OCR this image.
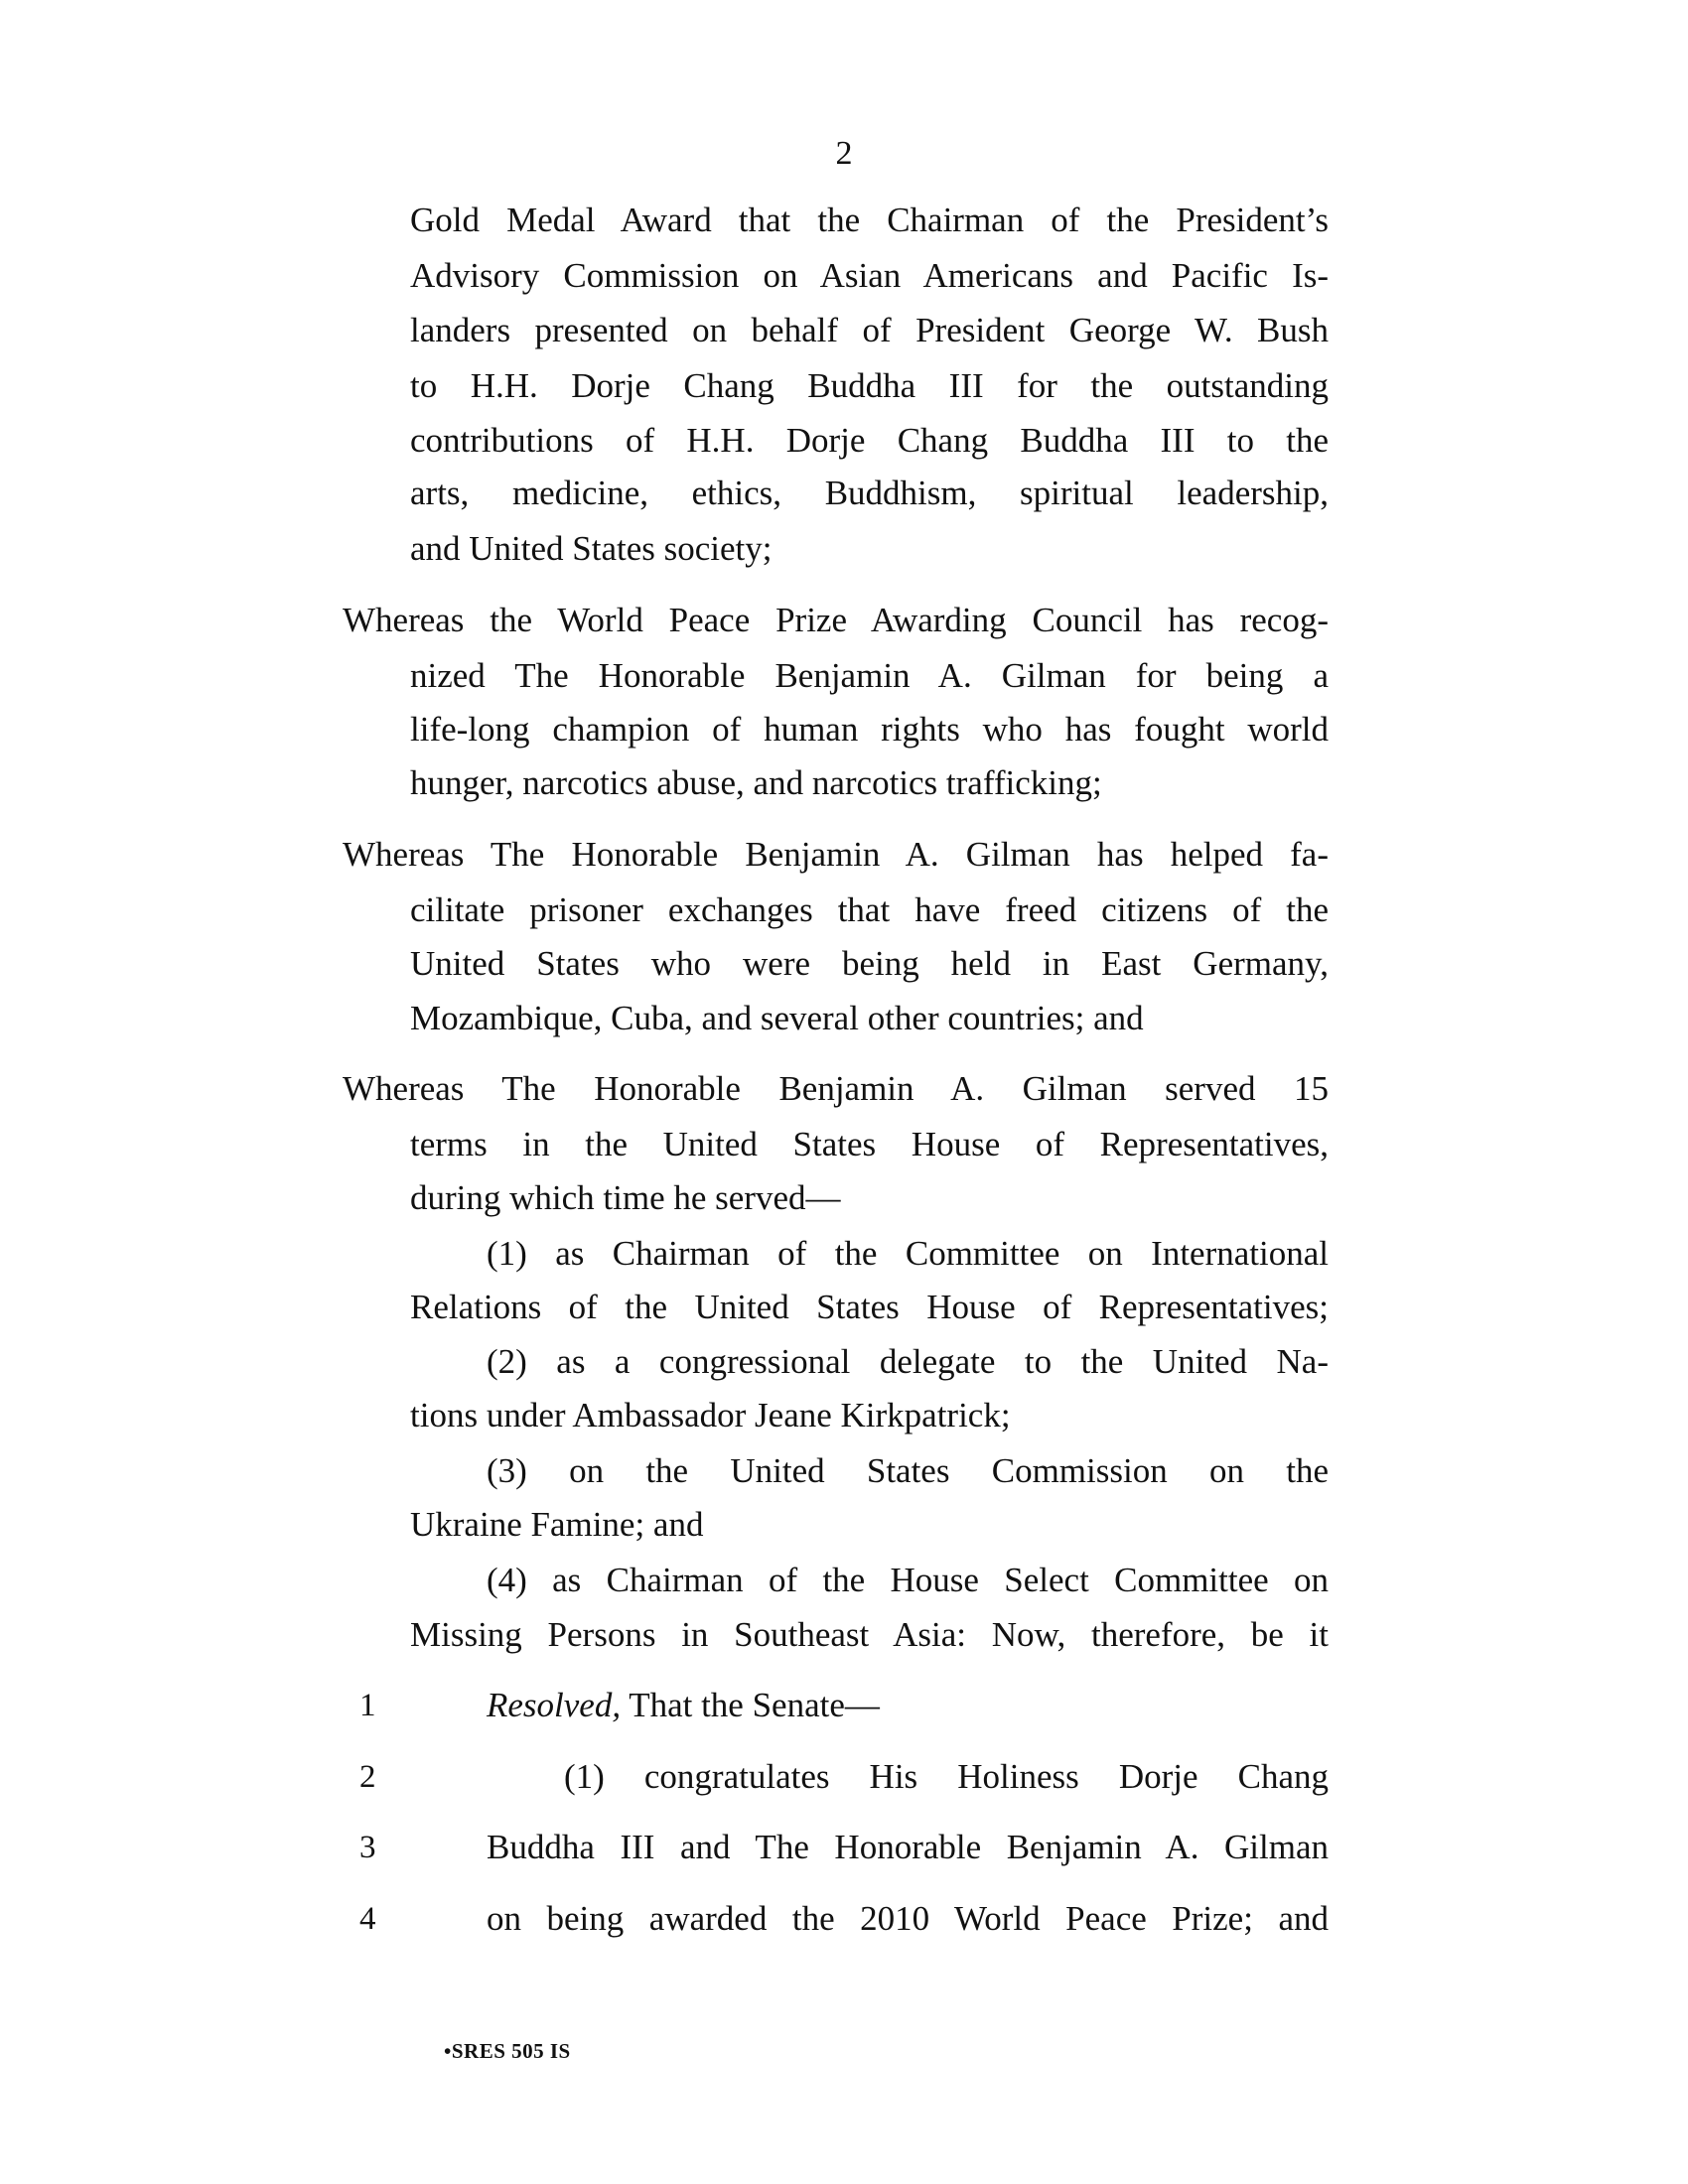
2
Gold Medal Award that the Chairman of the President’s
Advisory Commission on Asian Americans and Pacific Is-
landers presented on behalf of President George W. Bush
to H.H. Dorje Chang Buddha III for the outstanding
contributions of H.H. Dorje Chang Buddha III to the
arts, medicine, ethics, Buddhism, spiritual leadership,
and United States society;
Whereas the World Peace Prize Awarding Council has recog-
nized The Honorable Benjamin A. Gilman for being a
life-long champion of human rights who has fought world
hunger, narcotics abuse, and narcotics trafficking;
Whereas The Honorable Benjamin A. Gilman has helped fa-
cilitate prisoner exchanges that have freed citizens of the
United States who were being held in East Germany,
Mozambique, Cuba, and several other countries; and
Whereas The Honorable Benjamin A. Gilman served 15
terms in the United States House of Representatives,
during which time he served—
(1) as Chairman of the Committee on International
Relations of the United States House of Representatives;
(2) as a congressional delegate to the United Na-
tions under Ambassador Jeane Kirkpatrick;
(3) on the United States Commission on the
Ukraine Famine; and
(4) as Chairman of the House Select Committee on
Missing Persons in Southeast Asia: Now, therefore, be it
1	Resolved, That the Senate—
2	(1) congratulates His Holiness Dorje Chang
3	Buddha III and The Honorable Benjamin A. Gilman
4	on being awarded the 2010 World Peace Prize; and
•SRES 505 IS
